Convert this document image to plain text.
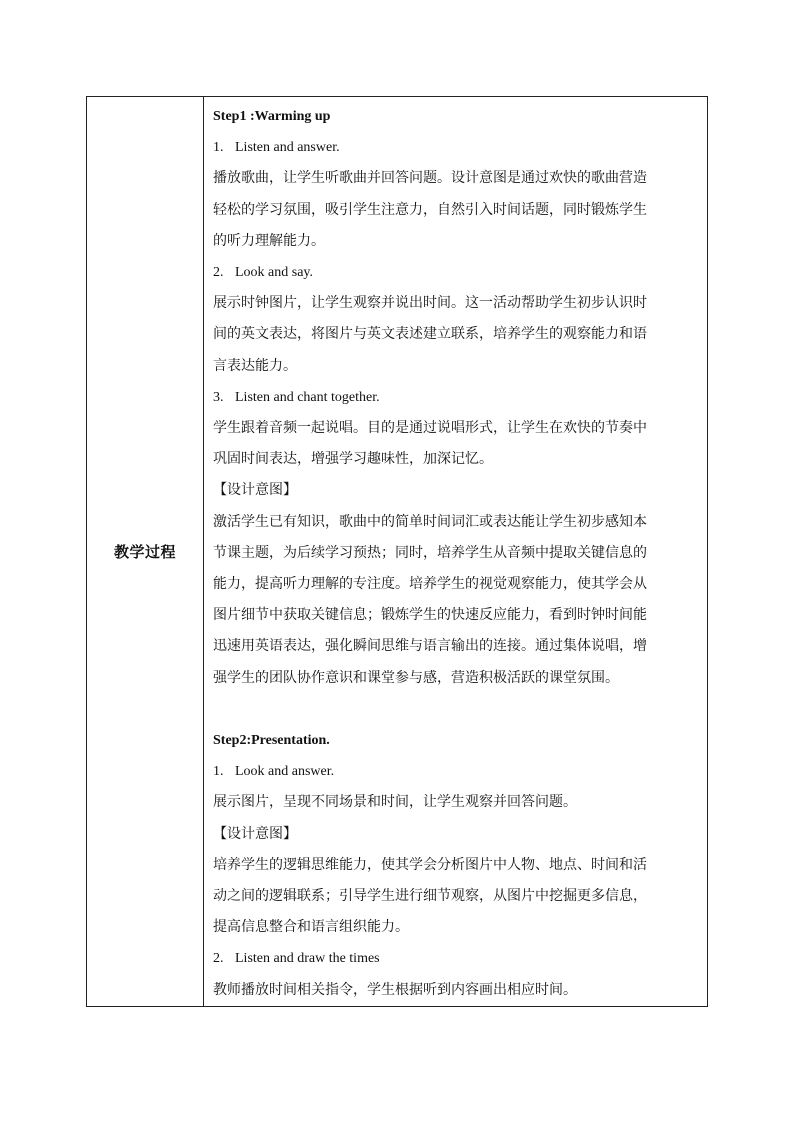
教学过程	
Step1 :Warming up
1. Listen and answer.
播放歌曲，让学生听歌曲并回答问题。设计意图是通过欢快的歌曲营造
轻松的学习氛围，吸引学生注意力，自然引入时间话题，同时锻炼学生
的听力理解能力。
2. Look and say.
展示时钟图片，让学生观察并说出时间。这一活动帮助学生初步认识时
间的英文表达，将图片与英文表述建立联系，培养学生的观察能力和语
言表达能力。
3. Listen and chant together.
学生跟着音频一起说唱。目的是通过说唱形式，让学生在欢快的节奏中
巩固时间表达，增强学习趣味性，加深记忆。
【设计意图】
激活学生已有知识，歌曲中的简单时间词汇或表达能让学生初步感知本
节课主题，为后续学习预热；同时，培养学生从音频中提取关键信息的
能力，提高听力理解的专注度。培养学生的视觉观察能力，使其学会从
图片细节中获取关键信息；锻炼学生的快速反应能力，看到时钟时间能
迅速用英语表达，强化瞬间思维与语言输出的连接。通过集体说唱，增
强学生的团队协作意识和课堂参与感，营造积极活跃的课堂氛围。
Step2:Presentation.
1. Look and answer.
展示图片，呈现不同场景和时间，让学生观察并回答问题。
【设计意图】
培养学生的逻辑思维能力，使其学会分析图片中人物、地点、时间和活
动之间的逻辑联系；引导学生进行细节观察，从图片中挖掘更多信息，
提高信息整合和语言组织能力。
2. Listen and draw the times
教师播放时间相关指令，学生根据听到内容画出相应时间。
